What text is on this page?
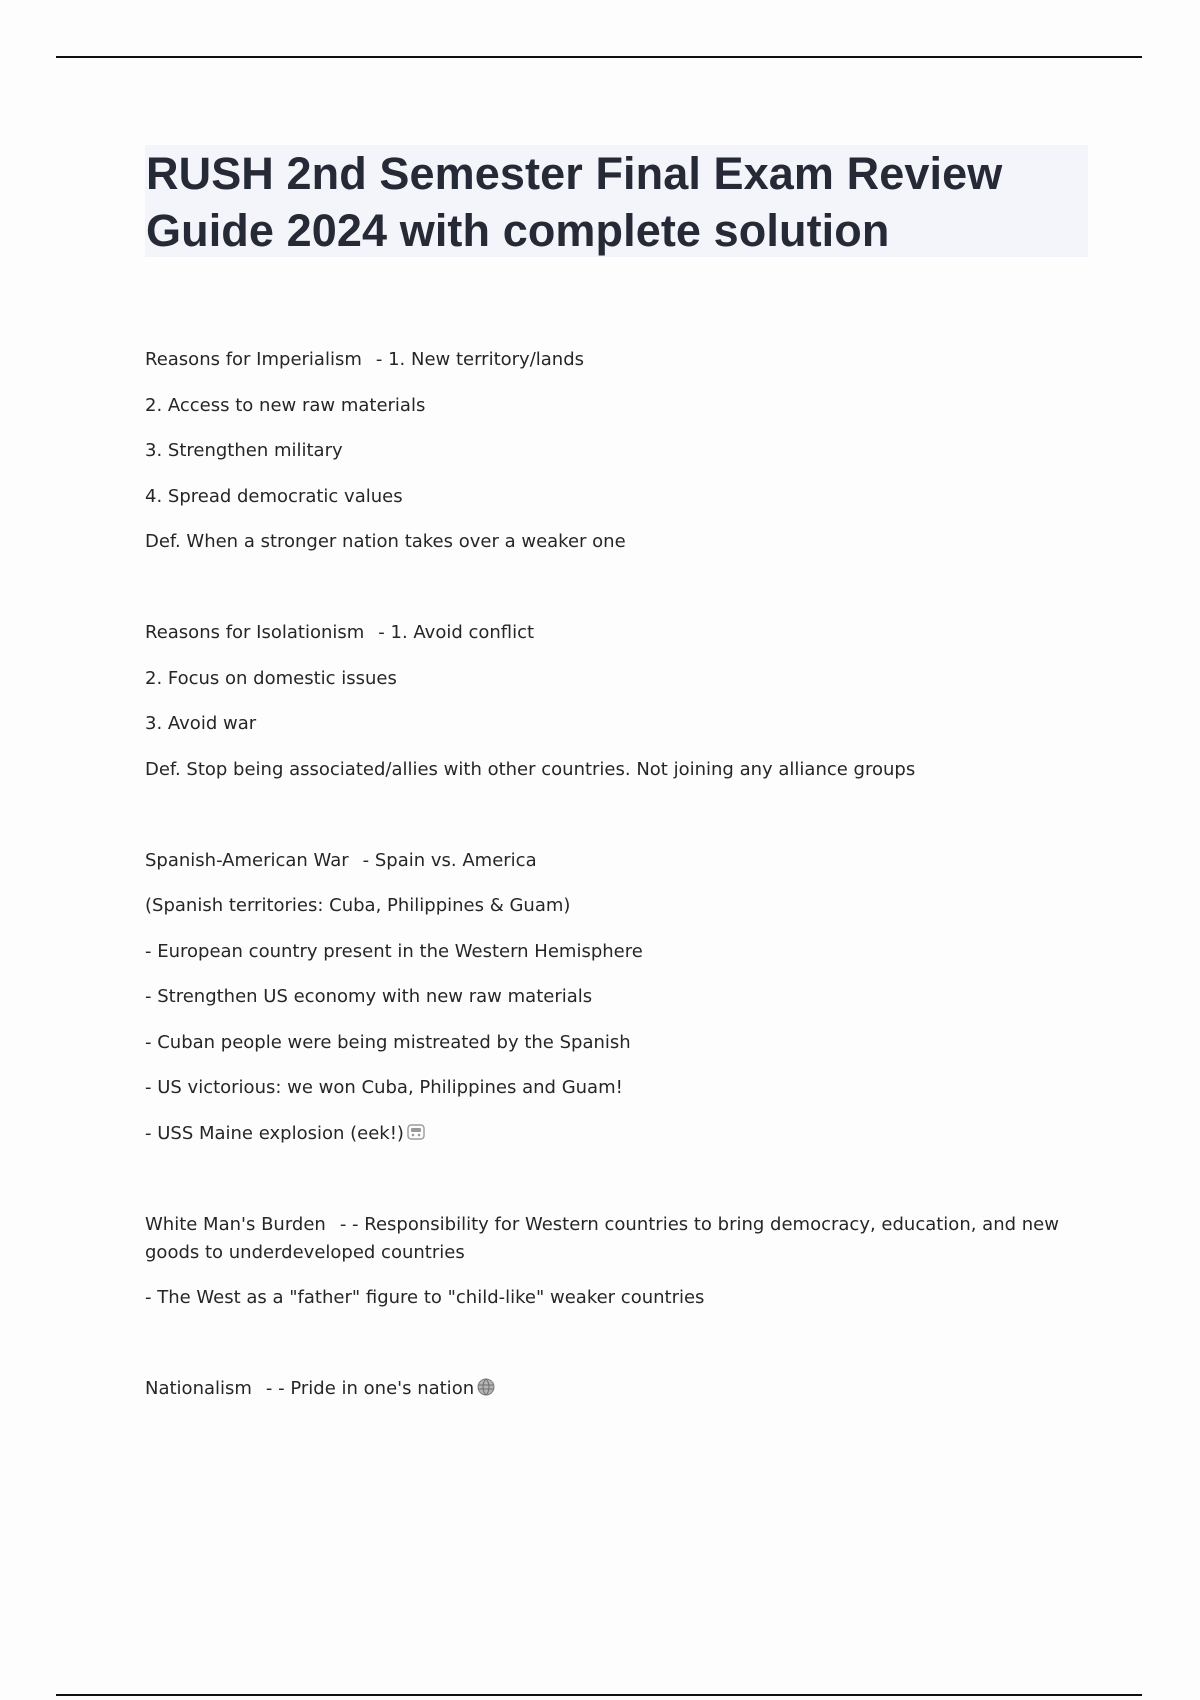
RUSH 2nd Semester Final Exam Review Guide 2024 with complete solution

Reasons for Imperialism - 1. New territory/lands

2. Access to new raw materials

3. Strengthen military

4. Spread democratic values

Def. When a stronger nation takes over a weaker one

Reasons for Isolationism - 1. Avoid conflict

2. Focus on domestic issues

3. Avoid war

Def. Stop being associated/allies with other countries. Not joining any alliance groups

Spanish-American War - Spain vs. America

(Spanish territories: Cuba, Philippines & Guam)

- European country present in the Western Hemisphere

- Strengthen US economy with new raw materials

- Cuban people were being mistreated by the Spanish

- US victorious: we won Cuba, Philippines and Guam!

- USS Maine explosion (eek!)

White Man's Burden - - Responsibility for Western countries to bring democracy, education, and new goods to underdeveloped countries

- The West as a "father" figure to "child-like" weaker countries

Nationalism - - Pride in one's nation
